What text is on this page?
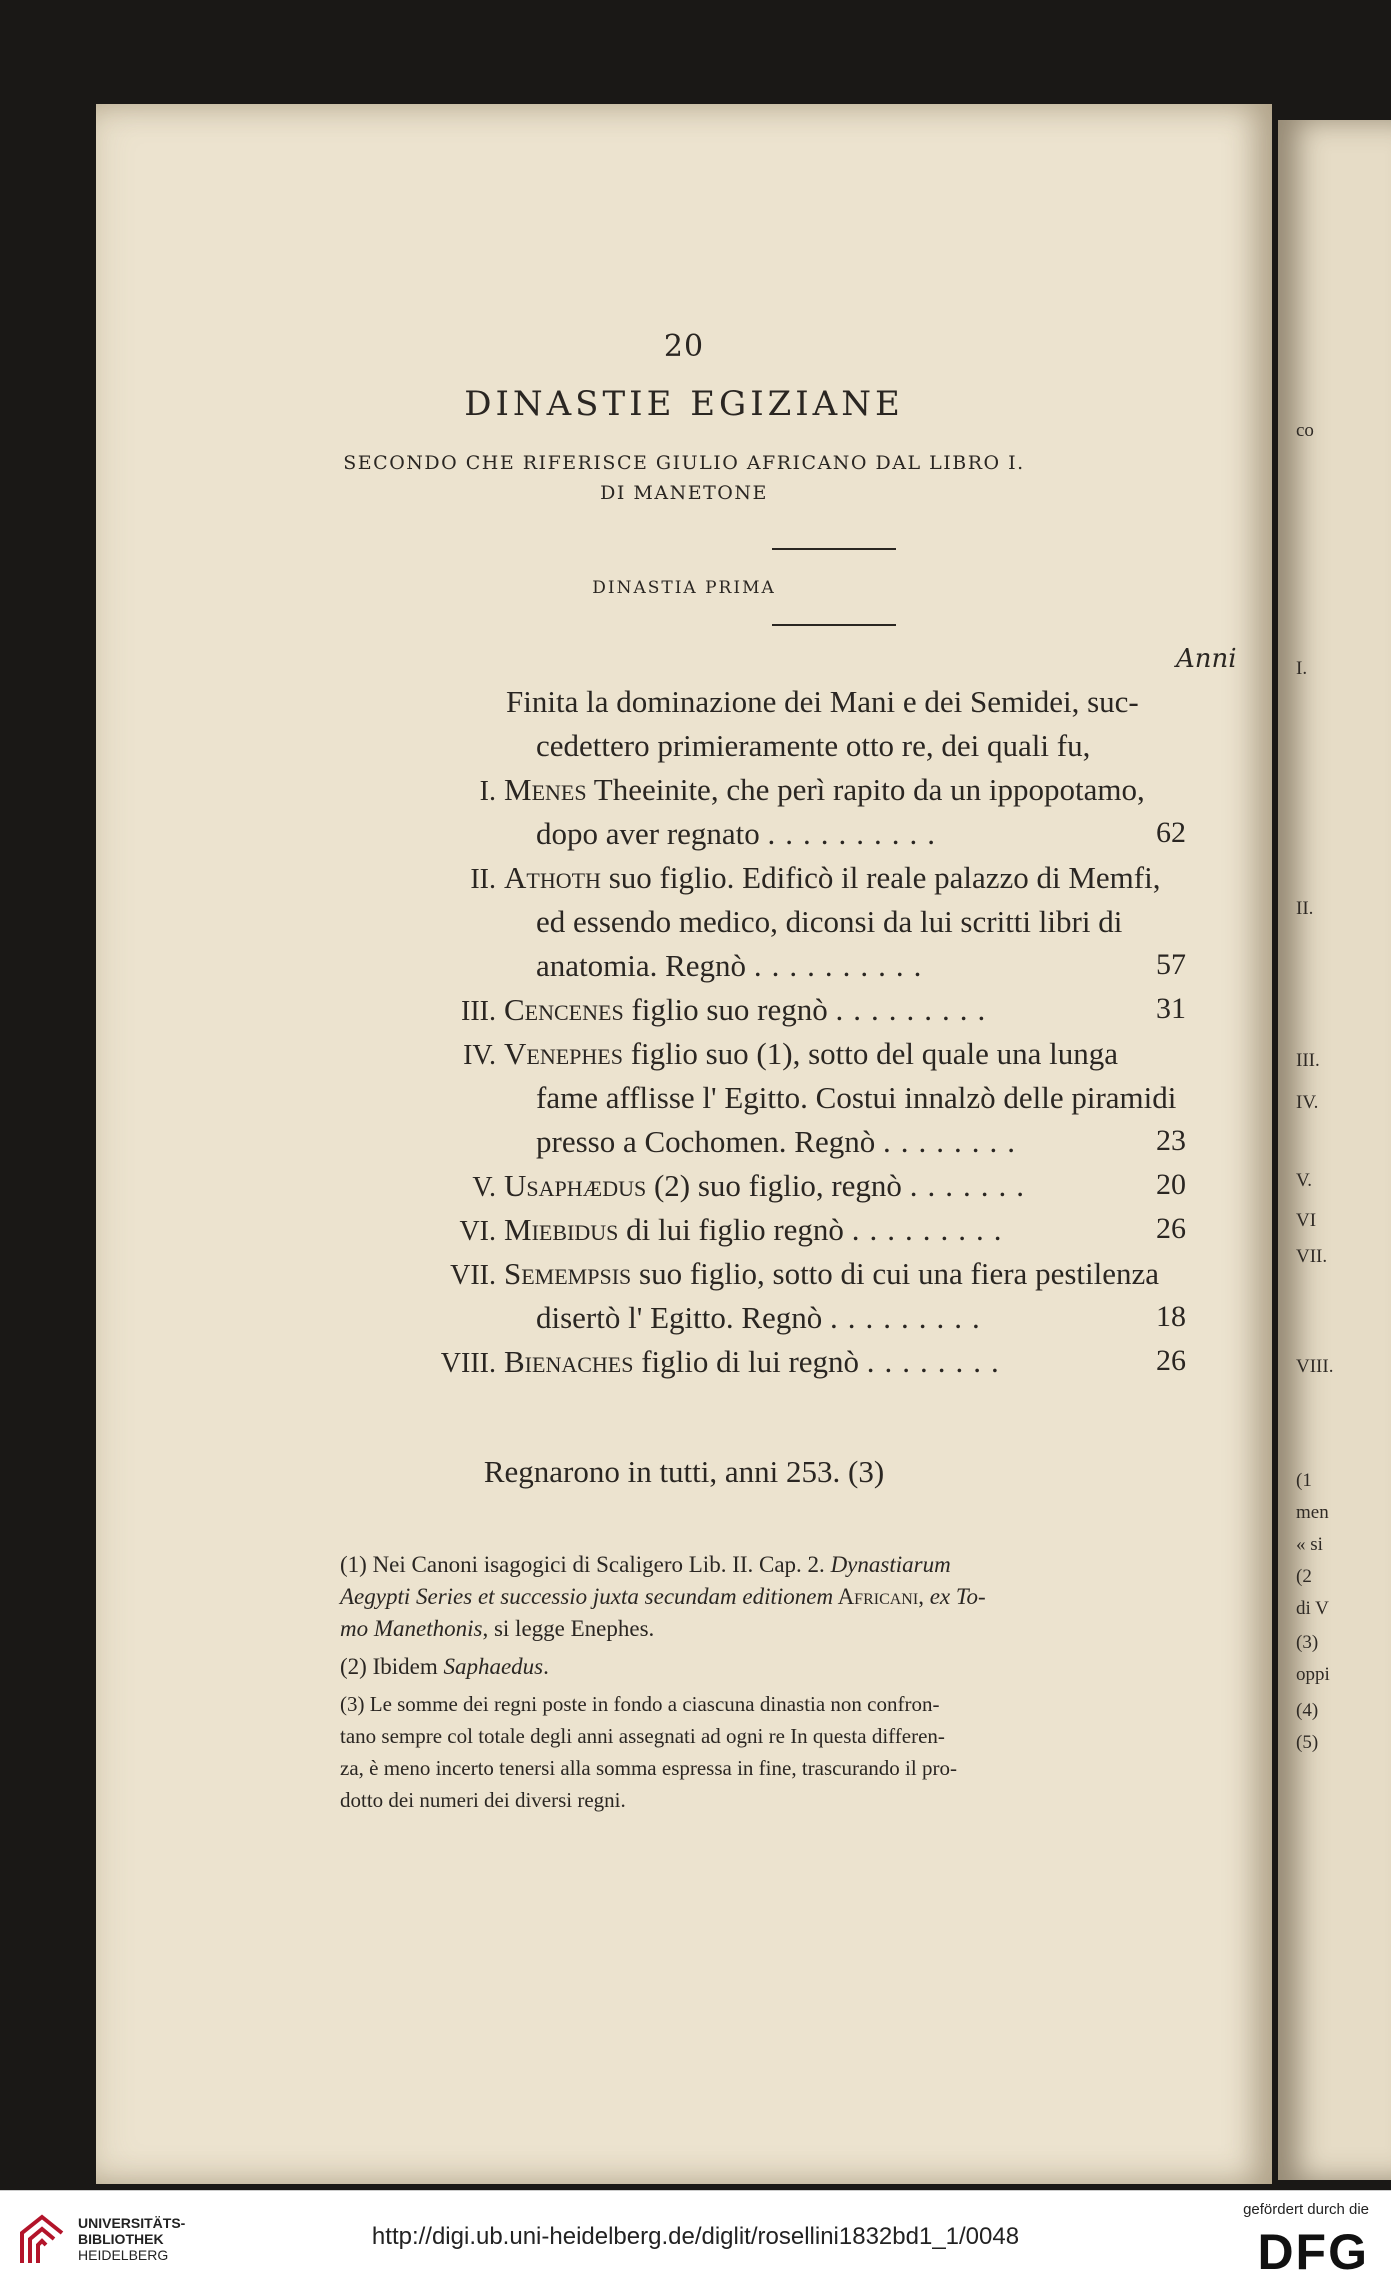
20
DINASTIE EGIZIANE
SECONDO CHE RIFERISCE GIULIO AFRICANO DAL LIBRO I.
DI MANETONE
DINASTIA PRIMA
Anni
Finita la dominazione dei Mani e dei Semidei, suc-
cedettero primieramente otto re, dei quali fu,
I. Menes Theeinite, che perì rapito da un ippopotamo,
dopo aver regnato ..........	62
II. Athoth suo figlio. Edificò il reale palazzo di Memfi,
ed essendo medico, diconsi da lui scritti libri di
anatomia. Regnò ..........	57
III. Cencenes figlio suo regnò .........	31
IV. Venephes figlio suo (1), sotto del quale una lunga
fame afflisse l' Egitto. Costui innalzò delle piramidi
presso a Cochomen. Regnò ........	23
V. Usaphædus (2) suo figlio, regnò .......	20
VI. Miebidus di lui figlio regnò .........	26
VII. Semempsis suo figlio, sotto di cui una fiera pestilenza
disertò l' Egitto. Regnò .........	18
VIII. Bienaches figlio di lui regnò ........	26
Regnarono in tutti, anni 253. (3)
(1) Nei Canoni isagogici di Scaligero Lib. II. Cap. 2. Dynastiarum
Aegypti Series et successio juxta secundam editionem Africani, ex To-
mo Manethonis, si legge Enephes.
(2) Ibidem Saphaedus.
(3) Le somme dei regni poste in fondo a ciascuna dinastia non confron-
tano sempre col totale degli anni assegnati ad ogni re In questa differen-
za, è meno incerto tenersi alla somma espressa in fine, trascurando il pro-
dotto dei numeri dei diversi regni.
co
I.
II.
III.
IV.
V.
VI
VII.
VIII.
(1
men
« si
(2
di V
(3)
oppi
(4)
(5)
UNIVERSITÄTS-
BIBLIOTHEK
HEIDELBERG
http://digi.ub.uni-heidelberg.de/diglit/rosellini1832bd1_1/0048
gefördert durch die
DFG
